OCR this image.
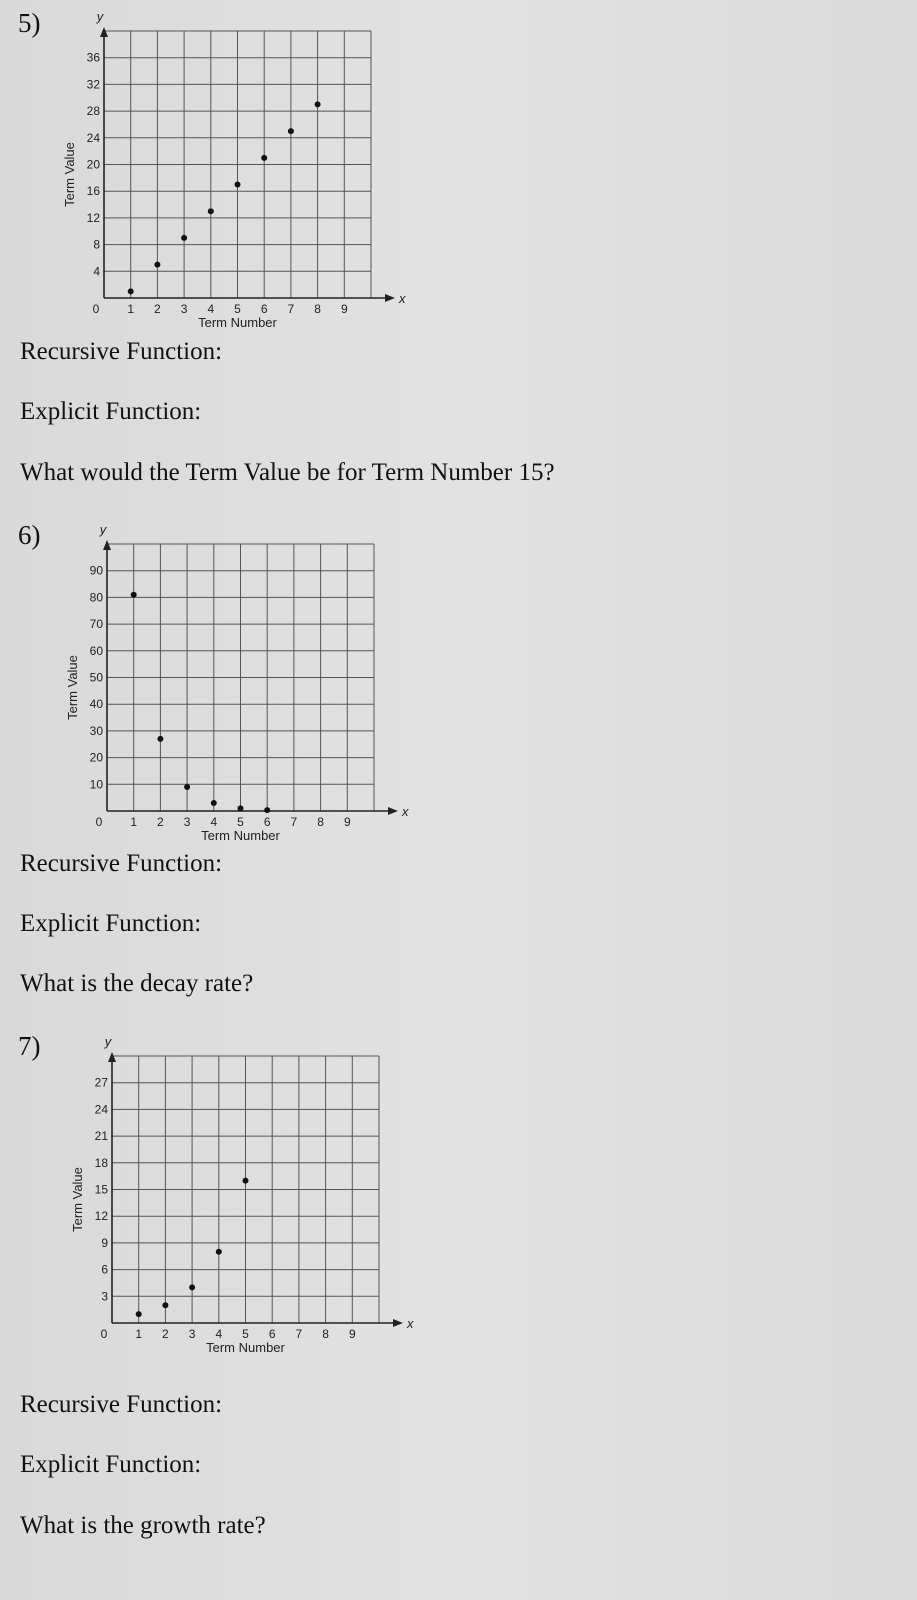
5)
x
y
0 1 2 3 4 5 6 7 8 9
4
8
12
16
20
24
28
32
36
Term Number
Term Value
Recursive Function:
Explicit Function:
What would the Term Value be for Term Number 15?
6)
x
y
0 1 2 3 4 5 6 7 8 9
10
20
30
40
50
60
70
80
90
Term Number
Term Value
Recursive Function:
Explicit Function:
What is the decay rate?
7)
x
y
0 1 2 3 4 5 6 7 8 9
3
6
9
12
15
18
21
24
27
Term Number
Term Value
Recursive Function:
Explicit Function:
What is the growth rate?
